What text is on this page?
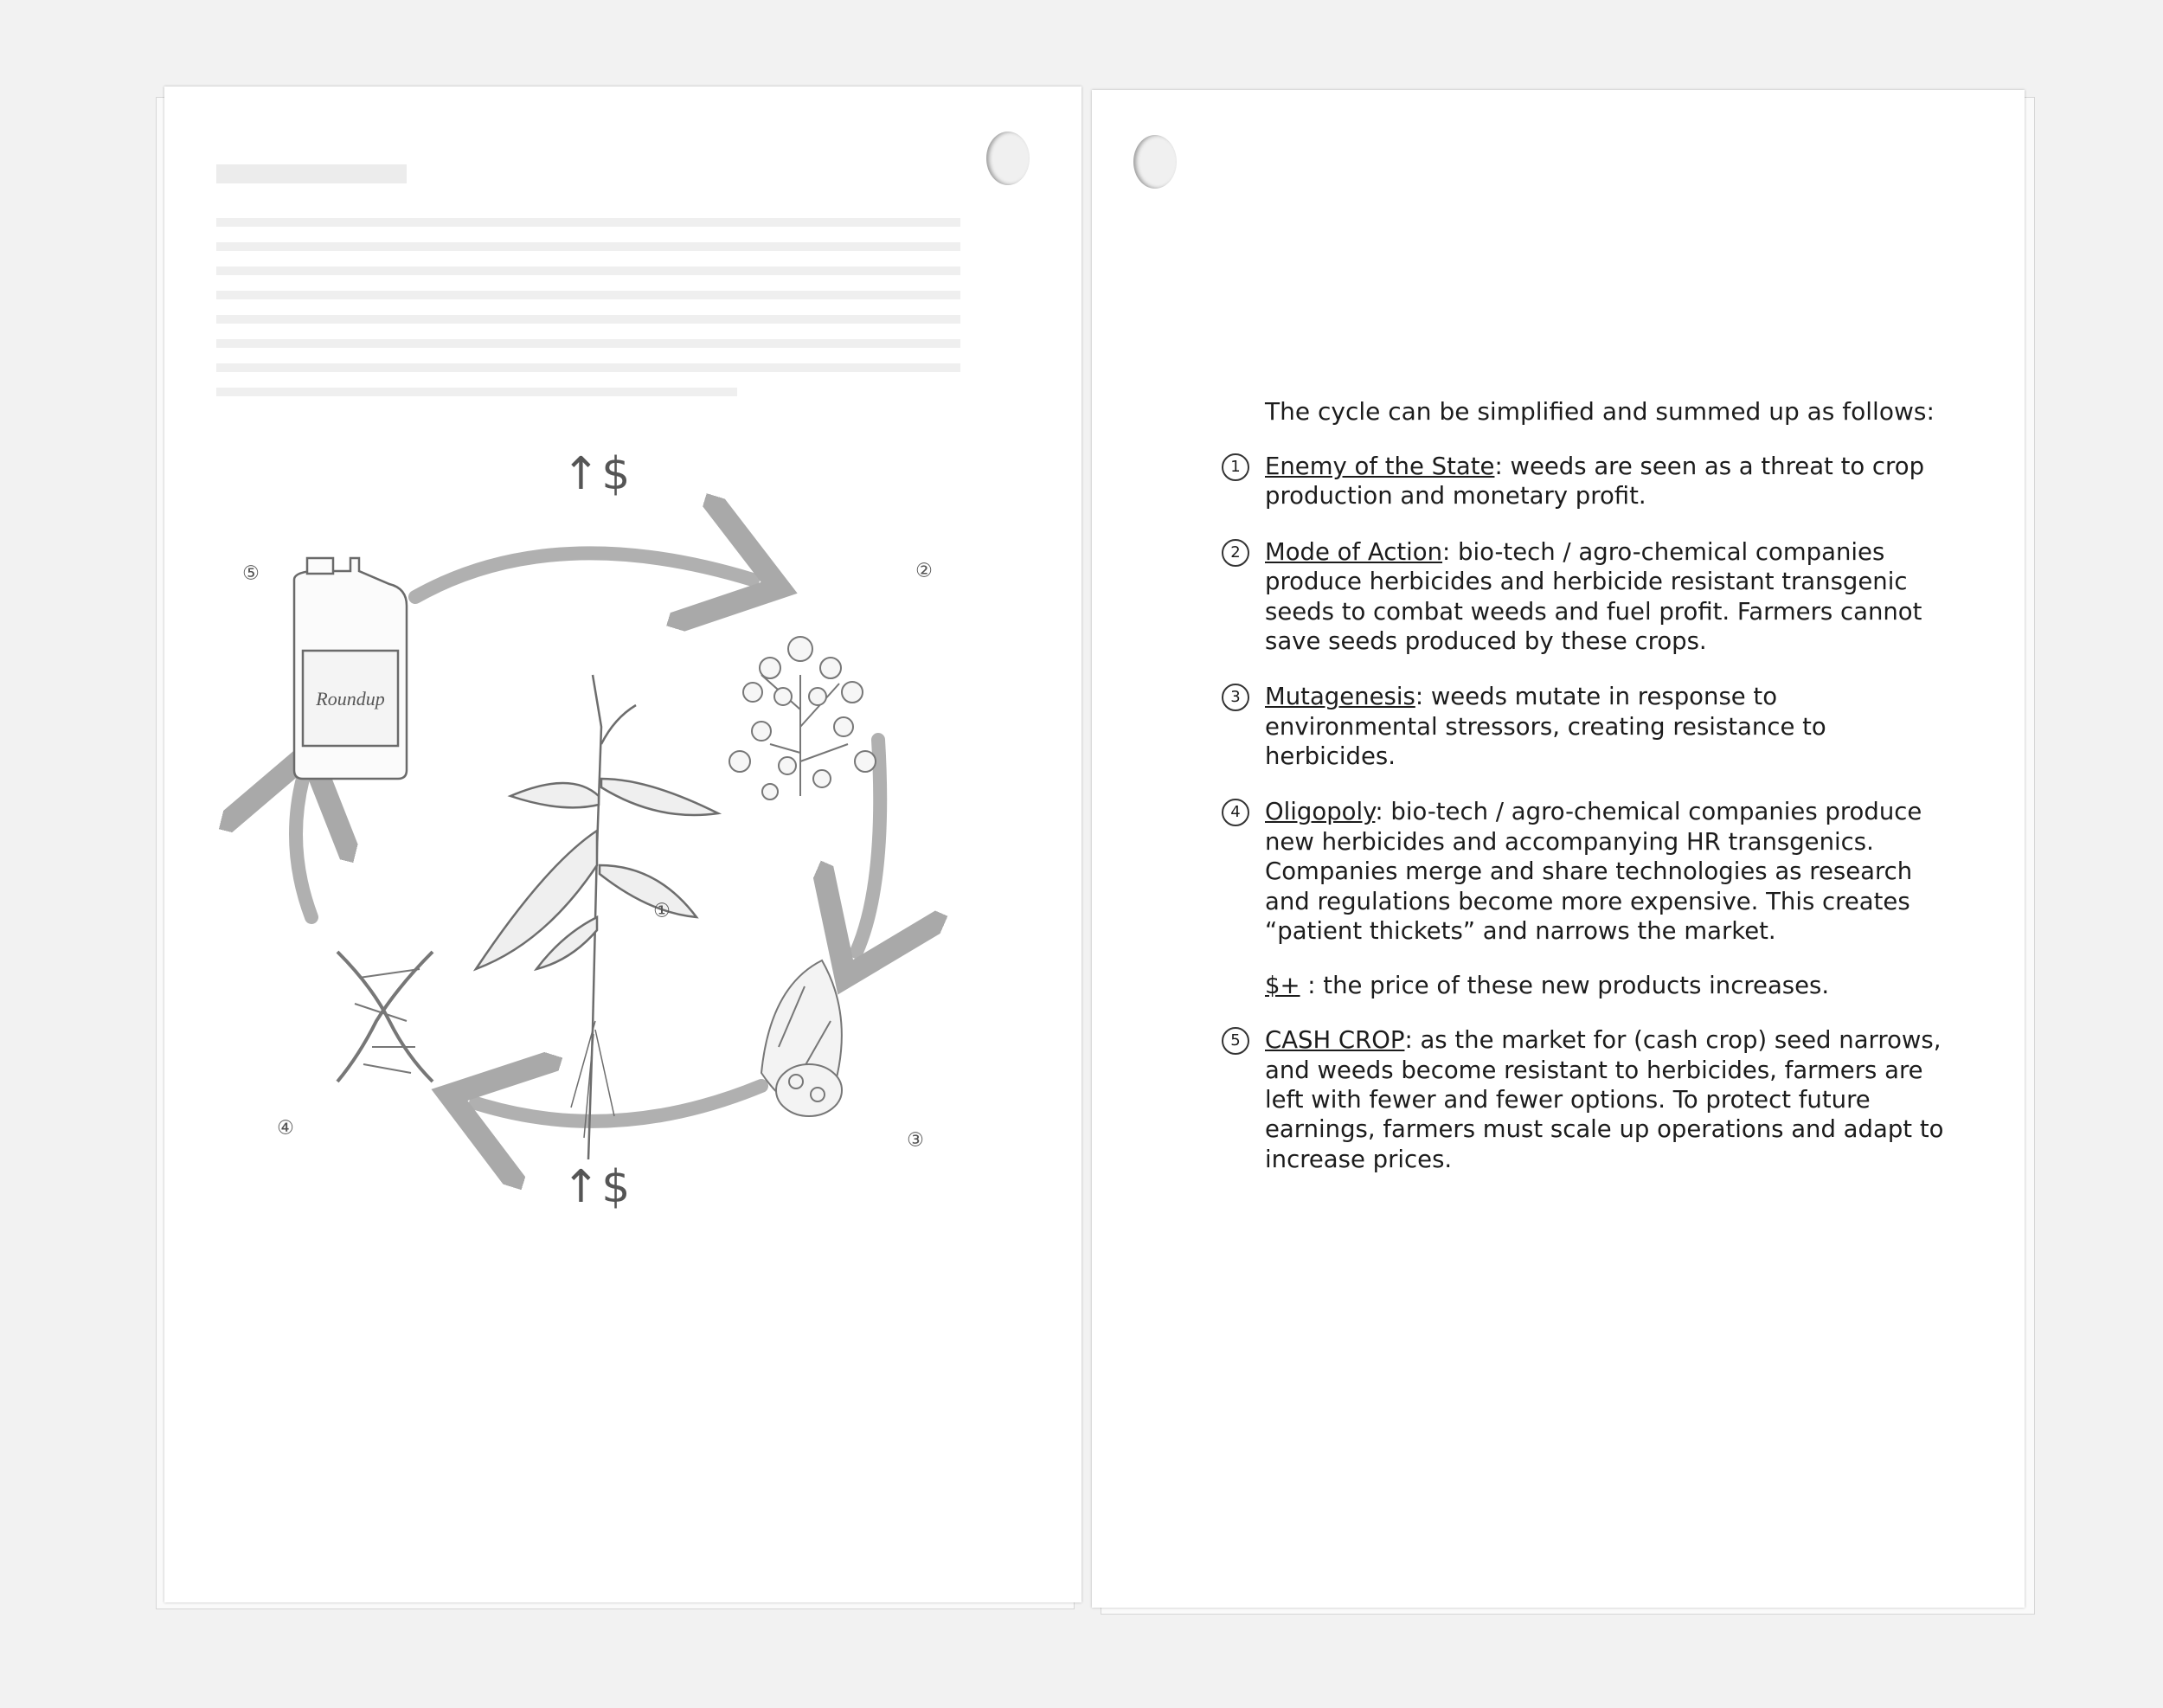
Roundup
↑$
↑$
①
②
③
④
⑤

The cycle can be simplified and summed up as follows:

1	Enemy of the State: weeds are seen as a threat to crop production and monetary profit.
2	Mode of Action: bio-tech / agro-chemical companies produce herbicides and herbicide resistant transgenic seeds to combat weeds and fuel profit. Farmers cannot save seeds produced by these crops.
3	Mutagenesis: weeds mutate in response to environmental stressors, creating resistance to herbicides.
4	Oligopoly: bio-tech / agro-chemical companies produce new herbicides and accompanying HR transgenics. Companies merge and share technologies as research and regulations become more expensive. This creates “patient thickets” and narrows the market.
$+ : the price of these new products increases.
5	CASH CROP: as the market for (cash crop) seed narrows, and weeds become resistant to herbicides, farmers are left with fewer and fewer options. To protect future earnings, farmers must scale up operations and adapt to increase prices.
